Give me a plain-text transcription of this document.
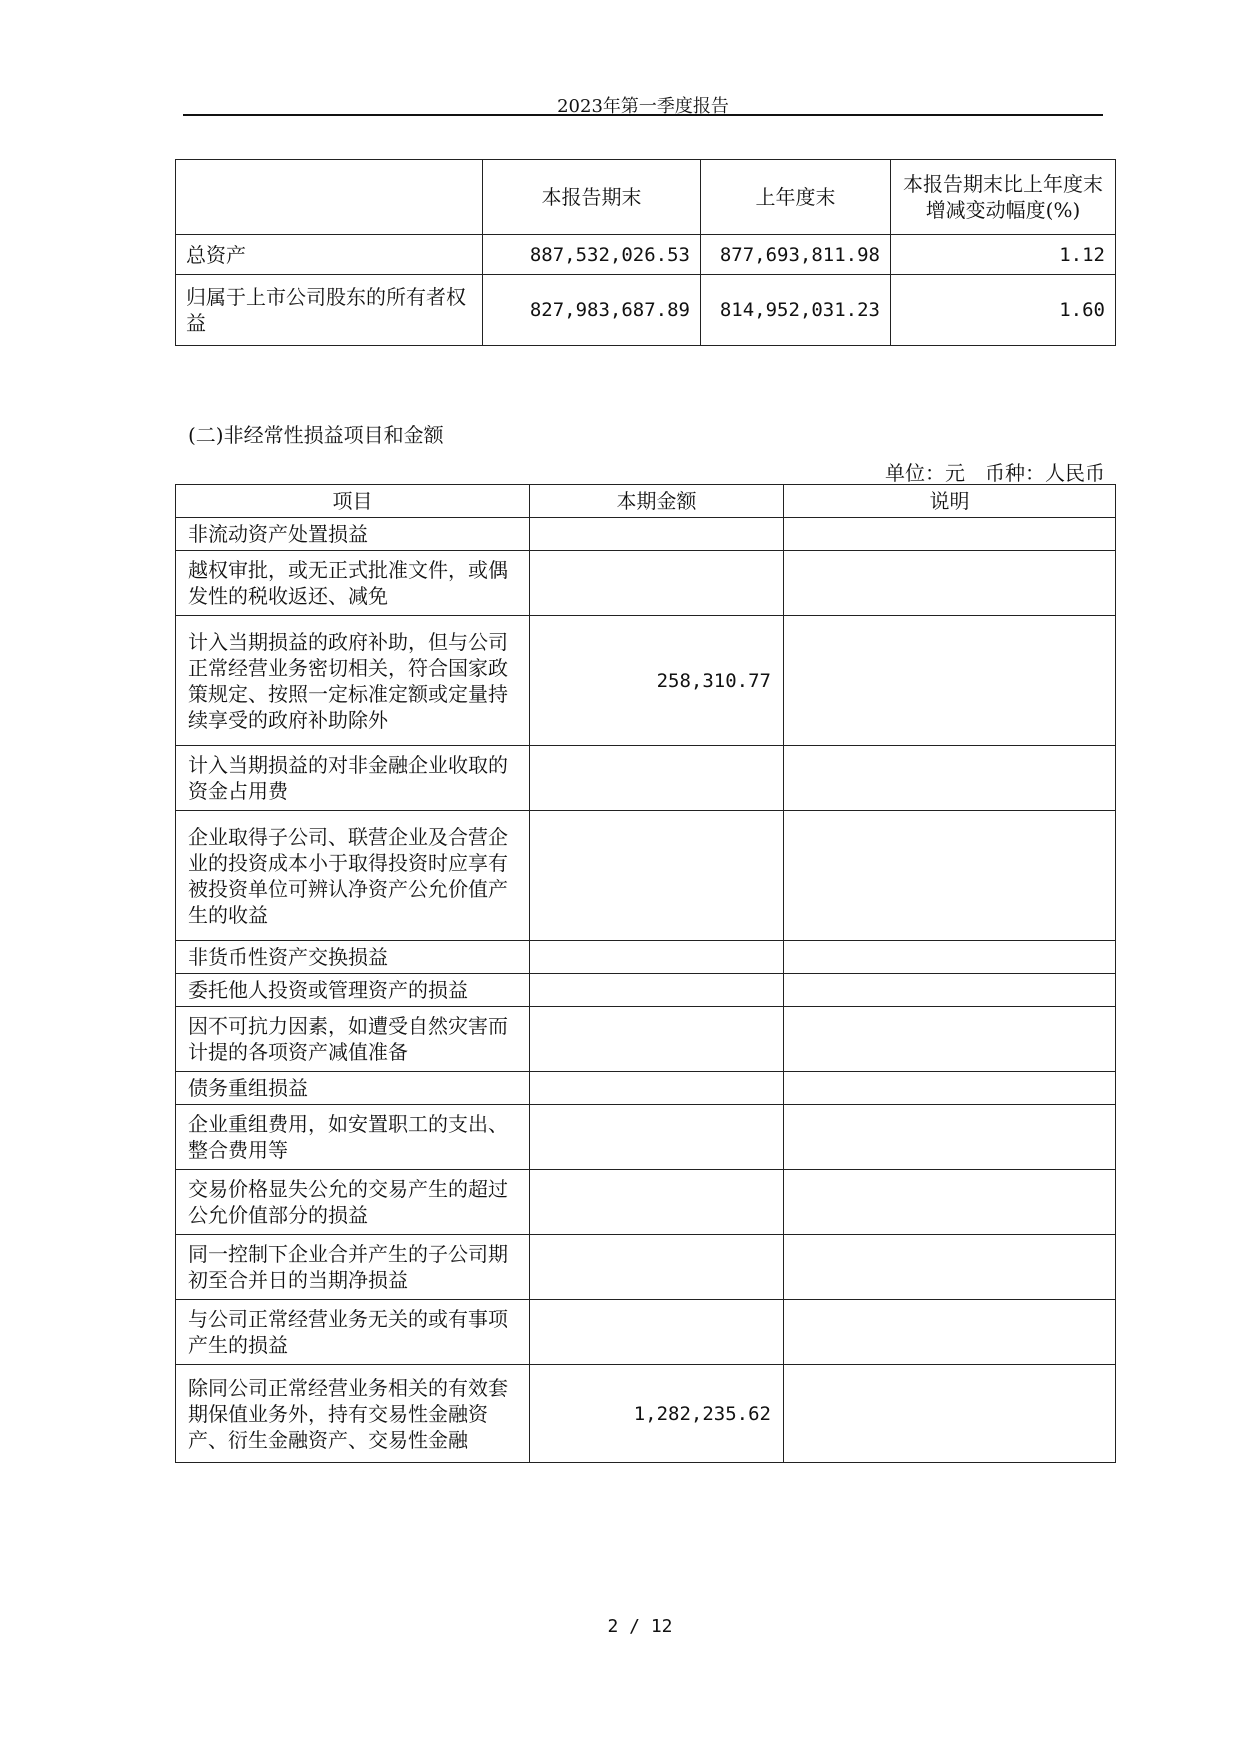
2023年第一季度报告
	本报告期末	上年度末	本报告期末比上年度末增减变动幅度(%)
总资产	887,532,026.53	877,693,811.98	1.12
归属于上市公司股东的所有者权益	827,983,687.89	814,952,031.23	1.60
(二)非经常性损益项目和金额
单位：元　币种：人民币
项目	本期金额	说明
非流动资产处置损益		
越权审批，或无正式批准文件，或偶发性的税收返还、减免		
计入当期损益的政府补助，但与公司正常经营业务密切相关，符合国家政策规定、按照一定标准定额或定量持续享受的政府补助除外	258,310.77	
计入当期损益的对非金融企业收取的资金占用费		
企业取得子公司、联营企业及合营企业的投资成本小于取得投资时应享有被投资单位可辨认净资产公允价值产生的收益		
非货币性资产交换损益		
委托他人投资或管理资产的损益		
因不可抗力因素，如遭受自然灾害而计提的各项资产减值准备		
债务重组损益		
企业重组费用，如安置职工的支出、整合费用等		
交易价格显失公允的交易产生的超过公允价值部分的损益		
同一控制下企业合并产生的子公司期初至合并日的当期净损益		
与公司正常经营业务无关的或有事项产生的损益		
除同公司正常经营业务相关的有效套期保值业务外，持有交易性金融资产、衍生金融资产、交易性金融	1,282,235.62	
2 / 12
